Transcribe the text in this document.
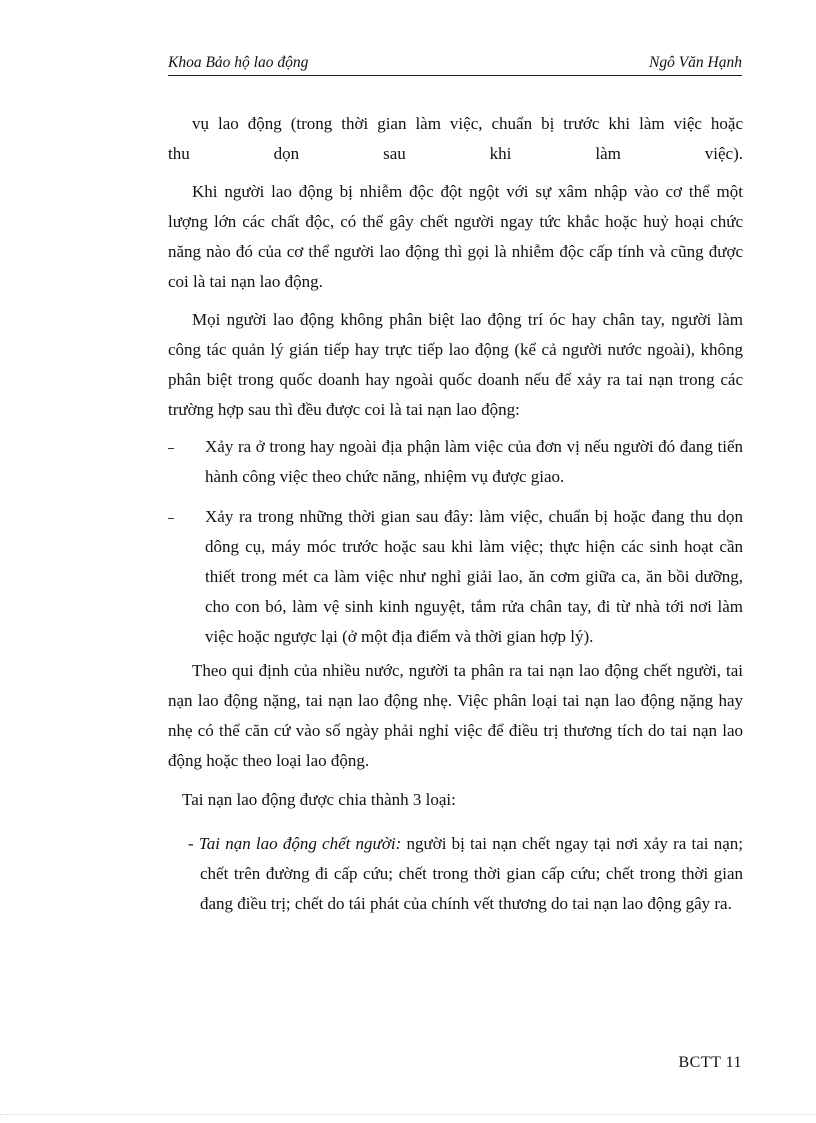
Khoa Bảo hộ lao động	Ngô Văn Hạnh

vụ lao động (trong thời gian làm việc, chuẩn bị trước khi làm việc hoặc

thu dọn sau khi làm việc).

Khi người lao động bị nhiễm độc đột ngột với sự xâm nhập vào cơ thể một lượng lớn các chất độc, có thể gây chết người ngay tức khắc hoặc huỷ hoại chức năng nào đó của cơ thể người lao động thì gọi là nhiễm độc cấp tính và cũng được coi là tai nạn lao động.

Mọi người lao động không phân biệt lao động trí óc hay chân tay, người làm công tác quản lý gián tiếp hay trực tiếp lao động (kể cả người nước ngoài), không phân biệt trong quốc doanh hay ngoài quốc doanh nếu để xảy ra tai nạn trong các trường hợp sau thì đều được coi là tai nạn lao động:

Xảy ra ở trong hay ngoài địa phận làm việc của đơn vị nếu người đó đang tiến hành công việc theo chức năng, nhiệm vụ được giao.
Xảy ra trong những thời gian sau đây: làm việc, chuẩn bị hoặc đang thu dọn dông cụ, máy móc trước hoặc sau khi làm việc; thực hiện các sinh hoạt cần thiết trong mét ca làm việc như nghỉ giải lao, ăn cơm giữa ca, ăn bồi dưỡng, cho con bó, làm vệ sinh kinh nguyệt, tắm rửa chân tay, đi từ nhà tới nơi làm việc hoặc ngược lại (ở một địa điểm và thời gian hợp lý).

Theo qui định của nhiều nước, người ta phân ra tai nạn lao động chết người, tai nạn lao động nặng, tai nạn lao động nhẹ. Việc phân loại tai nạn lao động nặng hay nhẹ có thể căn cứ vào số ngày phải nghỉ việc để điều trị thương tích do tai nạn lao động hoặc theo loại lao động.

Tai nạn lao động được chia thành 3 loại:

- Tai nạn lao động chết người: người bị tai nạn chết ngay tại nơi xảy ra tai nạn; chết trên đường đi cấp cứu; chết trong thời gian cấp cứu; chết trong thời gian đang điều trị; chết do tái phát của chính vết thương do tai nạn lao động gây ra.
BCTT 11
